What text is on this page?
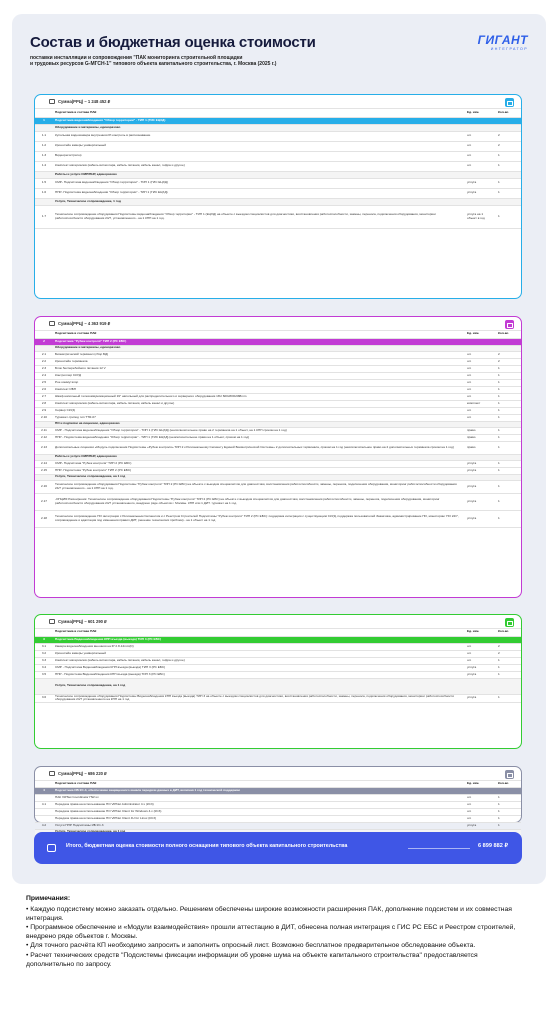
Состав и бюджетная оценка стоимости
поставки инсталляции и сопровождения "ПАК мониторинга строительной площадки
и трудовых ресурсов G-МГСН-1" типового объекта капитального строительства, г. Москва (2025 г.)
ГИГАНТ
ИНТЕГРАТОР
Сумма(РРЦ) – 1 248 452 ₽
	Подсистема в составе ПАК	Ед. изм.	Кол-во
1	Подсистема видеонаблюдения "Обзор территории" - ТИП 1 (ГИС ЕЦХД)		
	Оборудование и материалы, единоразово		
1.1	Купольная видеокамера внутренняя IP-контроль в распознавание	шт.	2
1.2	Кронштейн камеры универсальный	шт.	2
1.3	Видеорегистратор	шт.	1
1.4	Комплект материалов (кабель витая пара, кабель питания, кабель канал, гофра и другое)	шт.	1
	Работы и услуги СМР/ПНР, единоразово		
1.5	СМР- Подсистема видеонаблюдения "Обзор территории" - ТИП 1 (ГИС ЕЦХД)	услуга	1
1.6	ПНР- Подсистема видеонаблюдения "Обзор территории" - ТИП 1 (ГИС ЕЦХД)	услуга	1
	Услуги, Техническое сопровождение, 1 год		
1.7	Техническое сопровождение оборудования Подсистемы видеонаблюдения "Обзор территории" - ТИП 1 (ЕЦХД) на объекте с выездом специалистов для диагностики, восстановления работоспособности, замены, переноса, подключения оборудования, мониторинг работоспособности оборудования 24/7, установленного - на 1 КПП на 1 год.	услуга на 1 объект в год	1
Сумма(РРЦ) – 4 363 919 ₽
	Подсистема в составе ПАК	Ед. изм.	Кол-во
2	Подсистема "Рубеж контроля" ТИП 2 (РС ЕБС)		
	Оборудование и материалы, единоразово		
2.1	Биометрический терминал (сбор БД)	шт.	2
2.2	Кронштейн терминала	шт.	2
2.3	Блок бесперебойного питания 12 V	шт.	1
2.4	Контроллер СКУД	шт.	1
2.5	Poe коммутатор	шт.	1
2.6	Комплект ИБП	шт.	1
2.7	Шкаф напольный телекоммуникационный 19" напольный для распределительного и серверного оборудования 18U 600х800х988mm	шт.	1
2.8	Комплект материалов (кабель витая пара, кабель питания, кабель канал и другое)	комплект	1
2.9	Сервер СКУД	шт.	1
2.10	Турникет-трипод тип TTR-07	шт.	1
	ПО и подписки на лицензии, единоразово		
2.11	СМР - Подсистема видеонаблюдения "Обзор территории" - ТИП 1 (ГИС ЕЦХД) (неисключительное право на 2 терминала на 1 объект, на 1 КПП сроком на 1 год)	право	1
2.12	ПНР - Подсистема видеонаблюдения "Обзор территории" - ТИП 1 (ГИС ЕЦХД) (неисключительное право на 1 объект, сроком на 1 год)	право	1
2.13	Дополнительные лицензии «Модуль подключения Подсистемы «Рубеж контроля» ТИП 2 к Региональному Сегменту Единой Биометрической Системы» 2 дополнительных терминала, сроком на 1 год (неисключительное право на 2 дополнительных терминала сроком на 1 год)	право	1
	Работы и услуги СМР/ПНР, единоразово		
2.14	СМР- Подсистема "Рубеж контроля" ТИП 2 (РС ЕБС)	услуга	1
2.15	ПНР- Подсистема "Рубеж контроля" ТИП 2 (РС ЕБС)	услуга	1
	Услуги, Техническое сопровождение, на 1 год		
2.16	Техническое сопровождение оборудования Подсистемы "Рубеж контроля" ТИП 2 (РС ЕБС) на объекте с выездом специалистов для диагностики, восстановления работоспособности, замены, переноса, подключения оборудования, мониторинг работоспособности оборудования 24/7 установленного - на 1 КПП на 1 год.	услуга	1
2.17	-ОПЦИЯ Расширения: Техническое сопровождение оборудования Подсистемы "Рубеж контроля" ТИП 2 (РС ЕБС) на объекте с выездом специалистов для диагностики, восстановления работоспособности, замены, переноса, подключения оборудования, мониторинг работоспособности оборудования 24/7 установленного, внедрено ряде объектов г. Москвы. КПП или 1 ДИТ. турникет на 1 год.	услуга	1
2.18	Техническое сопровождение ПО интеграции с Региональным Сегментом и с Реестром Строителей Подсистемы "Рубеж контроля" ТИП 2 (РС ЕБС): поддержка интеграции с существующим СКУД, поддержка пользователей Заказчика, администрирование ПО, мониторинг ПО 24/7, сопровождение и адаптация под изменения правил ДИТ, решение технических проблем) - на 1 объект на 1 год	услуга	1
Сумма(РРЦ) – 601 290 ₽
	Подсистема в составе ПАК	Ед. изм.	Кол-во
3	Подсистема Видеонаблюдения КПП въезда (выезда) ТИП 3 (РС ЕБС)		
3.1	Камера видеонаблюдения внешняя на IP 2.8-12mm(D)	шт.	2
3.2	Кронштейн камеры универсальный	шт.	2
3.3	Комплект материалов (кабель витая пара, кабель питания, кабель канал, гофра и другое)	шт.	1
3.4	СМР - Подсистема Видеонаблюдения КПП въезда (выезда) ТИП 3 (РС ЕБС)	услуга	1
3.5	ПНР - Подсистема Видеонаблюдения КПП въезда (выезда) ТИП 3 (РС ЕБС)	услуга	1
	Услуги, Техническое сопровождение, на 1 год		
3.6	Техническое сопровождение оборудования Подсистемы Видеонаблюдения КПП въезда (выезда) ТИП 3 на объекте с выездом специалистов для диагностики, восстановления работоспособности, замены, переноса, подключения оборудования, мониторинг работоспособности оборудования 24/7 установленного на КПП на 1 год	услуга	1
Сумма(РРЦ) – 686 220 ₽
	Подсистема в составе ПАК	Ед. изм.	Кол-во
4	Подсистема ИБ КС-3, обеспечение защищенного канала передачи данных в ДИТ, включая 1 год технической поддержки		
	ПАК ViPNet Coordinator HW-xx	шт.	1
4.1	Передача права на использование ПО ViPNet Administrator 4.x (КС3)	шт.	1
	Передача права на использование ПО ViPNet Client for Windows 4.x (КС3)	шт.	1
	Передача права на использование ПО ViPNet Client 4U for Linux (КС3)	шт.	1
4.2	Услуги ПНР Подсистемы ИБ КС-3	услуга	1

Итого, бюджетная оценка стоимости полного оснащения типового объекта капитального строительства	6 899 882 ₽
Примечания:
• Каждую подсистему можно заказать отдельно. Решением обеспечены широкие возможности расширения ПАК, дополнение подсистем и их совместная интеграция.
• Программное обеспечение и «Модули взаимодействия» прошли аттестацию в ДИТ, обнесена полная интеграция с ГИС РС ЕБС и Реестром строителей, внедрено ряде объектов г. Москвы.
• Для точного расчёта КП необходимо запросить и заполнить опросный лист. Возможно бесплатное предварительное обследование объекта.
• Расчет технических средств "Подсистемы фиксации информации об уровне шума на объекте капитального строительства" предоставляется дополнительно по запросу.
